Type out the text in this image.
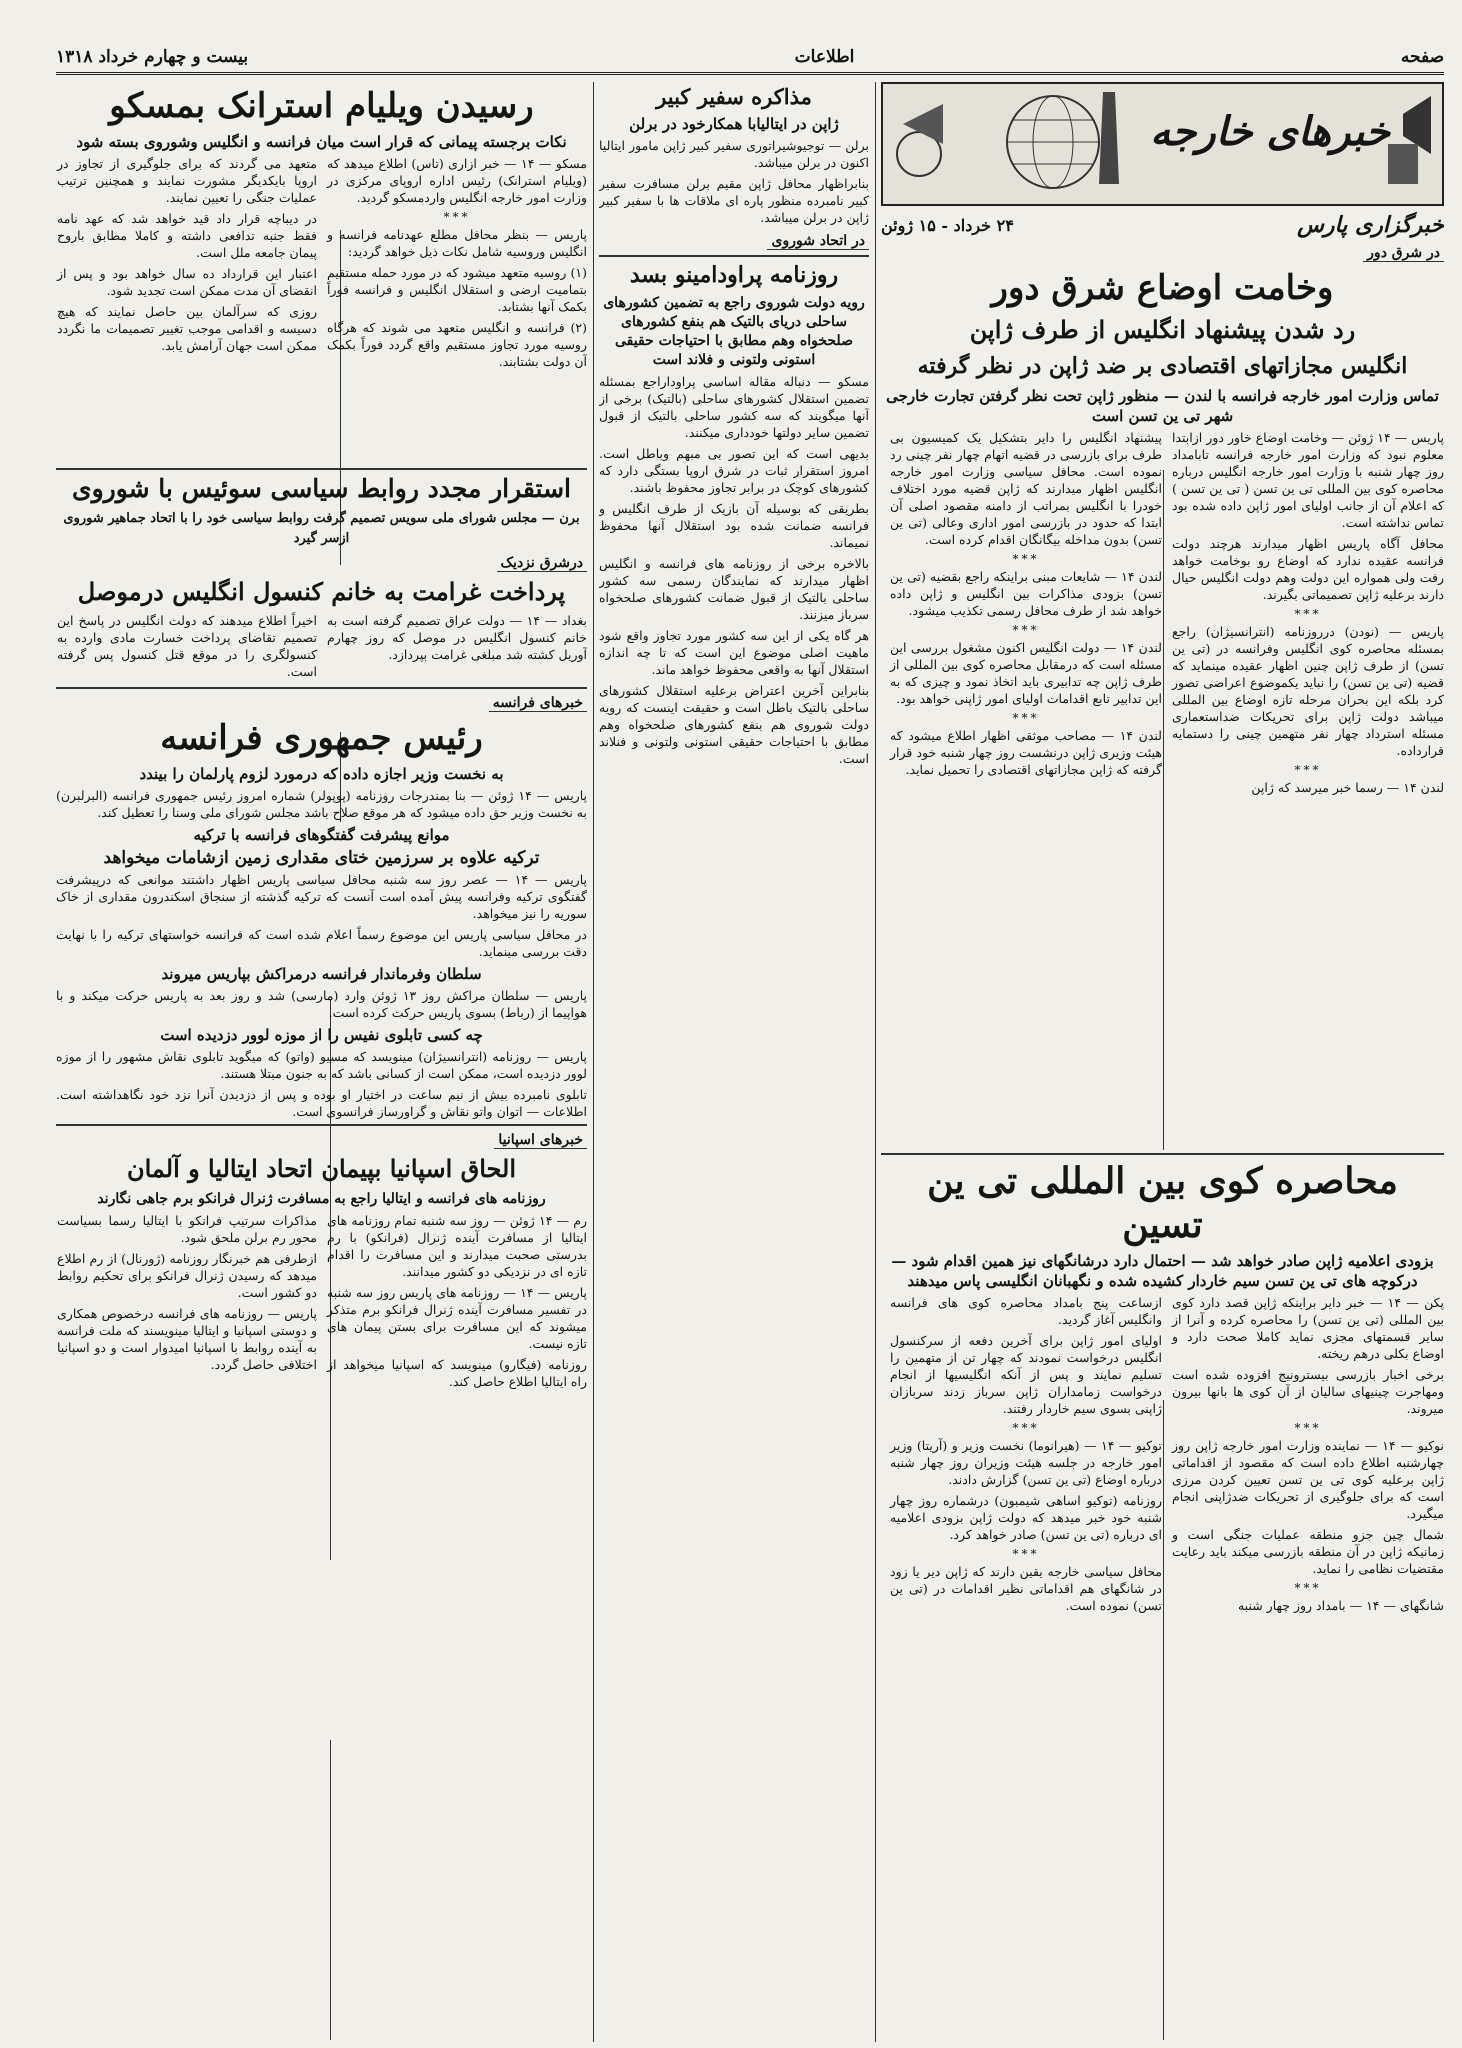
صفحه
اطلاعات
بیست و چهارم خرداد ۱۳۱۸
خبرهای خارجه
خبرگزاری پارس
۲۴ خرداد - ۱۵ ژوئن
در شرق دور
وخامت اوضاع شرق دور
رد شدن پیشنهاد انگلیس از طرف ژاپن
انگلیس مجازاتهای اقتصادی بر ضد ژاپن در نظر گرفته
تماس وزارت امور خارجه فرانسه با لندن — منظور ژاپن تحت نظر گرفتن تجارت خارجی شهر تی ین تسن است

پاریس — ۱۴ ژوئن — وخامت اوضاع خاور دور ازابتدا معلوم نبود که وزارت امور خارجه فرانسه تابامداد روز چهار شنبه با وزارت امور خارجه انگلیس درباره محاصره کوی بین المللی تی ین تسن ( تی ین تسن ) که اعلام آن از جانب اولیای امور ژاپن داده شده بود تماس نداشته است.

محافل آگاه پاریس اظهار میدارند هرچند دولت فرانسه عقیده ندارد که اوضاع رو بوخامت خواهد رفت ولی همواره این دولت وهم دولت انگلیس حیال دارند برعلیه ژاپن تصمیماتی بگیرند.

***

پاریس — (نودن) درروزنامه (انترانسیژان) راجع بمسئله محاصره کوی انگلیس وفرانسه در (تی ین تسن) از طرف ژاپن چنین اظهار عقیده مینماید که قضیه (تی ین تسن) را نباید یکموضوع اعراضی تصور کرد بلکه این بحران مرحله تازه اوضاع بین المللی میباشد دولت ژاپن برای تحریکات ضداستعماری مسئله استرداد چهار نفر متهمین چینی را دستمایه قرارداده.

***

لندن ۱۴ — رسما خبر میرسد که ژاپن

پیشنهاد انگلیس را دایر بتشکیل یک کمیسیون بی طرف برای بازرسی در قضیه اتهام چهار نفر چینی رد نموده است. محافل سیاسی وزارت امور خارجه انگلیس اظهار میدارند که ژاپن قضیه مورد اختلاف خودرا با انگلیس بمراتب از دامنه مقصود اصلی آن ابتدا که حدود در بازرسی امور اداری وعالی (تی ین تسن) بدون مداخله بیگانگان اقدام کرده است.

***

لندن ۱۴ — شایعات مبنی براینکه راجع بقضیه (تی ین تسن) بزودی مذاکرات بین انگلیس و ژاپن داده خواهد شد از طرف محافل رسمی تکذیب میشود.

***

لندن ۱۴ — دولت انگلیس اکنون مشغول بررسی این مسئله است که درمقابل محاصره کوی بین المللی از طرف ژاپن چه تدابیری باید اتخاذ نمود و چیزی که به این تدابیر تابع اقدامات اولیای امور ژاپنی خواهد بود.

***

لندن ۱۴ — مصاحب موثقی اظهار اطلاع میشود که هیئت وزیری ژاپن درنشست روز چهار شنبه خود قرار گرفته که ژاپن مجازاتهای اقتصادی را تحمیل نماید.

محاصره کوی بین المللی تی ین تسین
بزودی اعلامیه ژاپن صادر خواهد شد — احتمال دارد درشانگهای نیز همین اقدام شود — درکوچه های تی ین تسن سیم خاردار کشیده شده و نگهبانان انگلیسی پاس میدهند

پکن — ۱۴ — خبر دایر براینکه ژاپن قصد دارد کوی بین المللی (تی ین تسن) را محاصره کرده و آنرا از سایر قسمتهای مجزی نماید کاملا صحت دارد و اوضاع بکلی درهم ریخته.

برخی اخبار بازرسی بیسترونیج افزوده شده است ومهاجرت چینیهای سالیان از آن کوی ها بانها بیرون میروند.

***

نوکیو — ۱۴ — نماینده وزارت امور خارجه ژاپن روز چهارشنبه اطلاع داده است که مقصود از اقداماتی ژاپن برعلیه کوی تی ین تسن تعیین کردن مرزی است که برای جلوگیری از تحریکات ضدژاپنی انجام میگیرد.

شمال چین جزو منطقه عملیات جنگی است و زمانیکه ژاپن در آن منطقه بازرسی میکند باید رعایت مقتضیات نظامی را نماید.

***

شانگهای — ۱۴ — بامداد روز چهار شنبه

ازساعت پنج بامداد محاصره کوی های فرانسه وانگلیس آغاز گردید.

اولیای امور ژاپن برای آخرین دفعه از سرکنسول انگلیس درخواست نمودند که چهار تن از متهمین را تسلیم نمایند و پس از آنکه انگلیسیها از انجام درخواست زمامداران ژاپن سرباز زدند سربازان ژاپنی بسوی سیم خاردار رفتند.

***

توکیو — ۱۴ — (هیرانوما) نخست وزیر و (آریتا) وزیر امور خارجه در جلسه هیئت وزیران روز چهار شنبه درباره اوضاع (تی ین تسن) گزارش دادند.

روزنامه (توکیو اساهی شیمبون) درشماره روز چهار شنبه خود خبر میدهد که دولت ژاپن بزودی اعلامیه ای درباره (تی ین تسن) صادر خواهد کرد.

***

محافل سیاسی خارجه یقین دارند که ژاپن دیر یا زود در شانگهای هم اقداماتی نظیر اقدامات در (تی ین تسن) نموده است.

مذاکره سفیر کبیر
ژاپن در ایتالیابا همکارخود در برلن

برلن — توجیوشیراتوری سفیر کبیر ژاپن مامور ایتالیا اکنون در برلن میباشد.

بنابراظهار محافل ژاپن مقیم برلن مسافرت سفیر کبیر نامبرده منظور پاره ای ملاقات ها با سفیر کبیر ژاپن در برلن میباشد.

در اتحاد شوروی
روزنامه پراودامینو بسد
رویه دولت شوروی راجع به تضمین کشورهای ساحلی دریای بالتیک هم بنفع کشورهای صلحخواه وهم مطابق با احتیاجات حقیقی استونی ولتونی و فلاند است

مسکو — دنباله مقاله اساسی پراوداراجع بمسئله تضمین استقلال کشورهای ساحلی (بالتیک) برخی از آنها میگویند که سه کشور ساحلی بالتیک از قبول تضمین سایر دولتها خودداری میکنند.

بدیهی است که این تصور بی مبهم وباطل است. امروز استقرار ثبات در شرق اروپا بستگی دارد که کشورهای کوچک در برابر تجاوز محفوظ باشند.

بطریقی که بوسیله آن بازیک از طرف انگلیس و فرانسه ضمانت شده بود استقلال آنها محفوظ نمیماند.

بالاخره برخی از روزنامه های فرانسه و انگلیس اظهار میدارند که نمایندگان رسمی سه کشور ساحلی بالتیک از قبول ضمانت کشورهای صلحخواه سرباز میزنند.

هر گاه یکی از این سه کشور مورد تجاوز واقع شود ماهیت اصلی موضوع این است که تا چه اندازه استقلال آنها به واقعی محفوظ خواهد ماند.

بنابراین آخرین اعتراض برعلیه استقلال کشورهای ساحلی بالتیک باطل است و حقیقت اینست که رویه دولت شوروی هم بنفع کشورهای صلحخواه وهم مطابق با احتیاجات حقیقی استونی ولتونی و فنلاند است.

رسیدن ویلیام استرانک بمسکو
نکات برجسته پیمانی که قرار است میان فرانسه و انگلیس وشوروی بسته شود

مسکو — ۱۴ — خبر ازاری (تاس) اطلاع میدهد که (ویلیام استرانک) رئیس اداره اروپای مرکزی در وزارت امور خارجه انگلیس واردمسکو گردید.

***

پاریس — بنظر محافل مطلع عهدنامه فرانسه و انگلیس وروسیه شامل نکات ذیل خواهد گردید:

(۱) روسیه متعهد میشود که در مورد حمله مستقیم بتمامیت ارضی و استقلال انگلیس و فرانسه فوراً بکمک آنها بشتابد.

(۲) فرانسه و انگلیس متعهد می شوند که هرگاه روسیه مورد تجاوز مستقیم واقع گردد فوراً بکمک آن دولت بشتابند.

متعهد می گردند که برای جلوگیری از تجاوز در اروپا بایکدیگر مشورت نمایند و همچنین ترتیب عملیات جنگی را تعیین نمایند.

در دیباچه قرار داد قید خواهد شد که عهد نامه فقط جنبه تدافعی داشته و کاملا مطابق باروح پیمان جامعه ملل است.

اعتبار این قرارداد ده سال خواهد بود و پس از انقضای آن مدت ممکن است تجدید شود.

روزی که سرآلمان بین حاصل نمایند که هیچ دسیسه و اقدامی موجب تغییر تصمیمات ما نگردد ممکن است جهان آرامش یابد.

استقرار مجدد روابط سیاسی سوئیس با شوروی
برن — مجلس شورای ملی سویس تصمیم گرفت روابط سیاسی خود را با اتحاد جماهیر شوروی ازسر گیرد
درشرق نزدیک
پرداخت غرامت به خانم کنسول انگلیس درموصل

بغداد — ۱۴ — دولت عراق تصمیم گرفته است به خانم کنسول انگلیس در موصل که روز چهارم آوریل کشته شد مبلغی غرامت بپردازد.

اخیراً اطلاع میدهند که دولت انگلیس در پاسخ این تصمیم تقاضای پرداخت خسارت مادی وارده به کنسولگری را در موقع قتل کنسول پس گرفته است.

خبرهای فرانسه
رئیس جمهوری فرانسه
به نخست وزیر اجازه داده که درمورد لزوم پارلمان را بیندد

پاریس — ۱۴ ژوئن — بنا بمندرجات روزنامه (پوپولر) شماره امروز رئیس جمهوری فرانسه (البرلبرن) به نخست وزیر حق داده میشود که هر موقع صلاح باشد مجلس شورای ملی وسنا را تعطیل کند.

موانع پیشرفت گفتگوهای فرانسه با ترکیه
ترکیه علاوه بر سرزمین ختای مقداری زمین ازشامات میخواهد

پاریس — ۱۴ — عصر روز سه شنبه محافل سیاسی پاریس اظهار داشتند موانعی که درپیشرفت گفتگوی ترکیه وفرانسه پیش آمده است آنست که ترکیه گذشته از سنجاق اسکندرون مقداری از خاک سوریه را نیز میخواهد.

در محافل سیاسی پاریس این موضوع رسماً اعلام شده است که فرانسه خواستهای ترکیه را با نهایت دقت بررسی مینماید.

سلطان وفرماندار فرانسه درمراکش بپاریس میروند

پاریس — سلطان مراکش روز ۱۳ ژوئن وارد (مارسی) شد و روز بعد به پاریس حرکت میکند و با هواپیما از (رباط) بسوی پاریس حرکت کرده است.

چه کسی تابلوی نفیس را از موزه لوور دزدیده است

پاریس — روزنامه (انترانسیژان) مینویسد که مسیو (واتو) که میگوید تابلوی نقاش مشهور را از موزه لوور دزدیده است، ممکن است از کسانی باشد که به جنون مبتلا هستند.

تابلوی نامبرده بیش از نیم ساعت در اختیار او بوده و پس از دزدیدن آنرا نزد خود نگاهداشته است. اطلاعات — اتوان واتو نقاش و گراورساز فرانسوی است.

خبرهای اسپانیا
الحاق اسپانیا بپیمان اتحاد ایتالیا و آلمان
روزنامه های فرانسه و ایتالیا راجع به مسافرت ژنرال فرانکو برم جاهی نگارند

رم — ۱۴ ژوئن — روز سه شنبه تمام روزنامه های ایتالیا از مسافرت آینده ژنرال (فرانکو) با رم بدرستی صحبت میدارند و این مسافرت را اقدام تازه ای در نزدیکی دو کشور میدانند.

پاریس — ۱۴ — روزنامه های پاریس روز سه شنبه در تفسیر مسافرت آینده ژنرال فرانکو برم متذکر میشوند که این مسافرت برای بستن پیمان های تازه نیست.

روزنامه (فیگارو) مینویسد که اسپانیا میخواهد از راه ایتالیا اطلاع حاصل کند.

مذاکرات سرتیپ فرانکو با ایتالیا رسما بسیاست محور رم برلن ملحق شود.

ازطرفی هم خبرنگار روزنامه (ژورنال) از رم اطلاع میدهد که رسیدن ژنرال فرانکو برای تحکیم روابط دو کشور است.

پاریس — روزنامه های فرانسه درخصوص همکاری و دوستی اسپانیا و ایتالیا مینویسند که ملت فرانسه به آینده روابط با اسپانیا امیدوار است و دو اسپانیا اختلافی حاصل گردد.
